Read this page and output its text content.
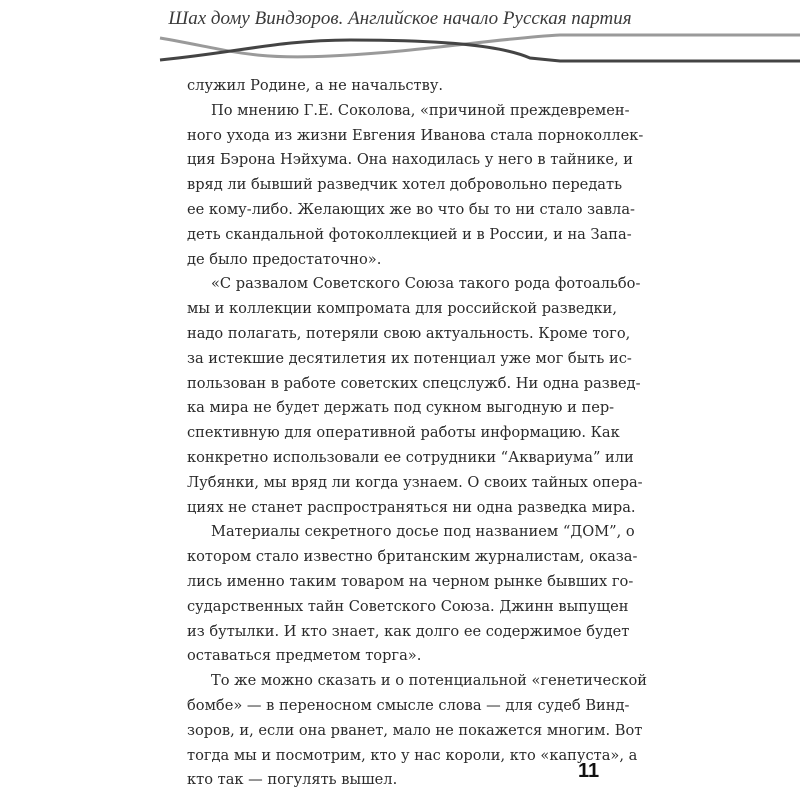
Шах дому Виндзоров. Английское начало Русская партия
служил Родине, а не начальству.
По мнению Г.Е. Соколова, «причиной преждевремен-
ного ухода из жизни Евгения Иванова стала порноколлек-
ция Бэрона Нэйхума. Она находилась у него в тайнике, и
вряд ли бывший разведчик хотел добровольно передать
ее кому-либо. Желающих же во что бы то ни стало завла-
деть скандальной фотоколлекцией и в России, и на Запа-
де было предостаточно».
«С развалом Советского Союза такого рода фотоальбо-
мы и коллекции компромата для российской разведки,
надо полагать, потеряли свою актуальность. Кроме того,
за истекшие десятилетия их потенциал уже мог быть ис-
пользован в работе советских спецслужб. Ни одна развед-
ка мира не будет держать под сукном выгодную и пер-
спективную для оперативной работы информацию. Как
конкретно использовали ее сотрудники “Аквариума” или
Лубянки, мы вряд ли когда узнаем. О своих тайных опера-
циях не станет распространяться ни одна разведка мира.
Материалы секретного досье под названием “ДОМ”, о
котором стало известно британским журналистам, оказа-
лись именно таким товаром на черном рынке бывших го-
сударственных тайн Советского Союза. Джинн выпущен
из бутылки. И кто знает, как долго ее содержимое будет
оставаться предметом торга».
То же можно сказать и о потенциальной «генетической
бомбе» — в переносном смысле слова — для судеб Винд-
зоров, и, если она рванет, мало не покажется многим. Вот
тогда мы и посмотрим, кто у нас короли, кто «капуста», а
кто так — погулять вышел.	11
